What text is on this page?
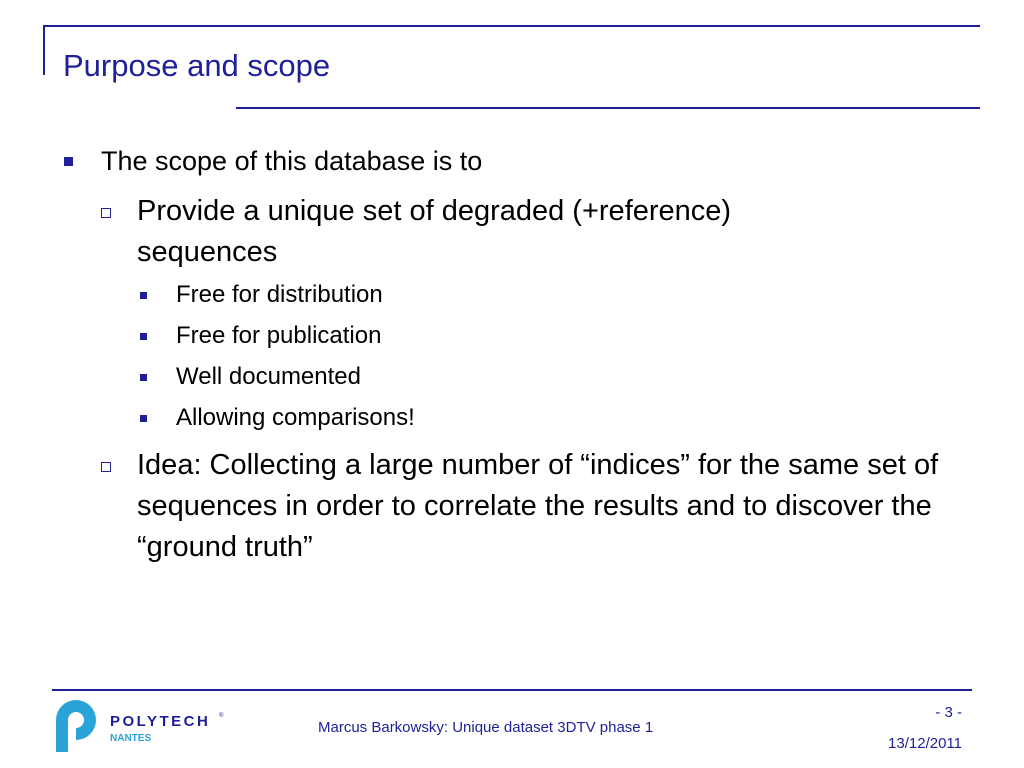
Purpose and scope
The scope of this database is to
Provide a unique set of degraded (+reference) sequences
Free for distribution
Free for publication
Well documented
Allowing comparisons!
Idea: Collecting a large number of “indices” for the same set of sequences in order to correlate the results and to discover the “ground truth”
POLYTECH ®
NANTES
Marcus Barkowsky: Unique dataset 3DTV phase 1
- 3 -
13/12/2011
